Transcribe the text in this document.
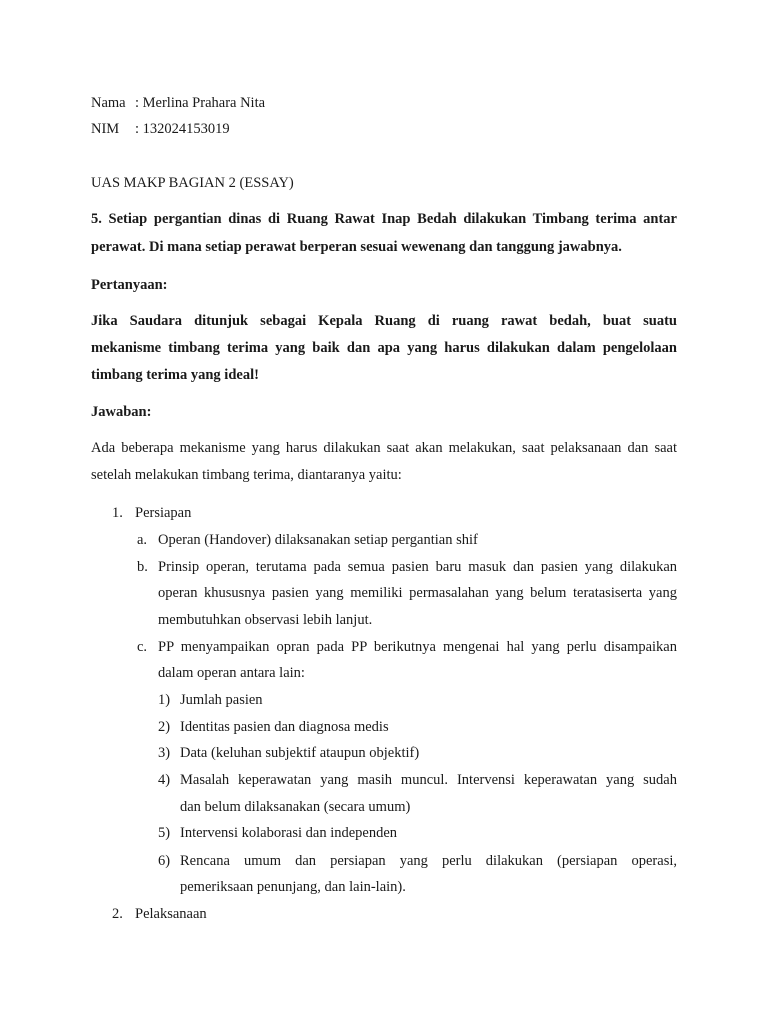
Nama : Merlina Prahara Nita
NIM : 132024153019
UAS MAKP BAGIAN 2 (ESSAY)
5. Setiap pergantian dinas di Ruang Rawat Inap Bedah dilakukan Timbang terima antar
perawat. Di mana setiap perawat berperan sesuai wewenang dan tanggung jawabnya.
Pertanyaan:
Jika Saudara ditunjuk sebagai Kepala Ruang di ruang rawat bedah, buat suatu
mekanisme timbang terima yang baik dan apa yang harus dilakukan dalam pengelolaan
timbang terima yang ideal!
Jawaban:
Ada beberapa mekanisme yang harus dilakukan saat akan melakukan, saat pelaksanaan dan saat
setelah melakukan timbang terima, diantaranya yaitu:
1. Persiapan
a. Operan (Handover) dilaksanakan setiap pergantian shif
b. Prinsip operan, terutama pada semua pasien baru masuk dan pasien yang dilakukan
operan khususnya pasien yang memiliki permasalahan yang belum teratasiserta yang
membutuhkan observasi lebih lanjut.
c. PP menyampaikan opran pada PP berikutnya mengenai hal yang perlu disampaikan
dalam operan antara lain:
1) Jumlah pasien
2) Identitas pasien dan diagnosa medis
3) Data (keluhan subjektif ataupun objektif)
4) Masalah keperawatan yang masih muncul. Intervensi keperawatan yang sudah
dan belum dilaksanakan (secara umum)
5) Intervensi kolaborasi dan independen
6) Rencana umum dan persiapan yang perlu dilakukan (persiapan operasi,
pemeriksaan penunjang, dan lain-lain).
2. Pelaksanaan
